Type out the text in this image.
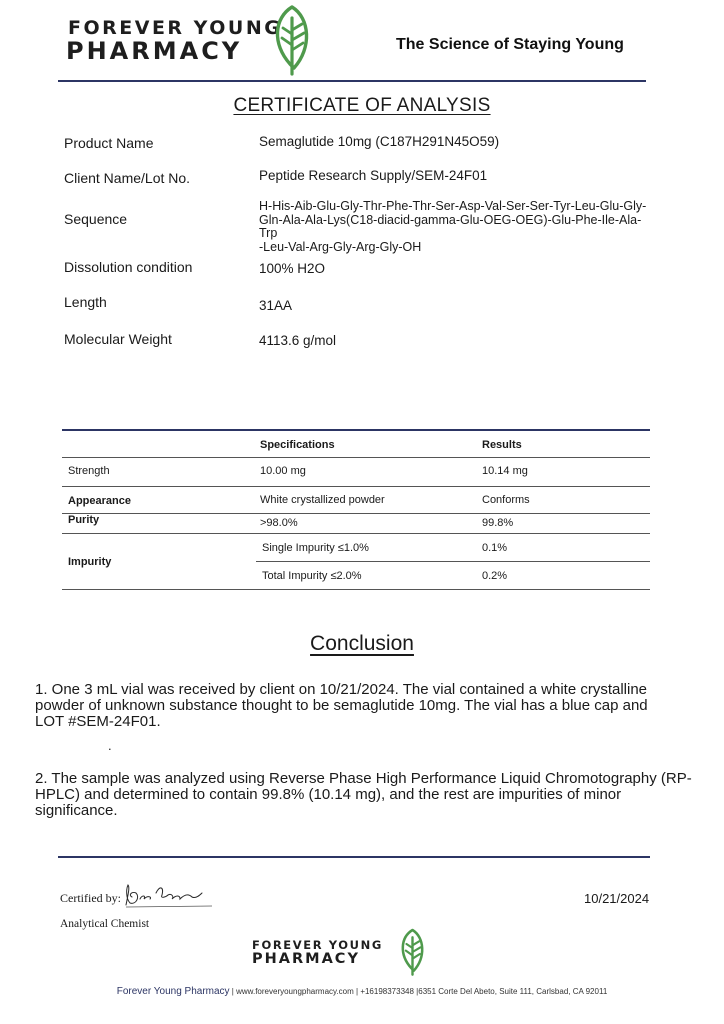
FOREVER YOUNG
PHARMACY	The Science of Staying Young
CERTIFICATE OF ANALYSIS
Product Name	Semaglutide 10mg (C187H291N45O59)
Client Name/Lot No.	Peptide Research Supply/SEM-24F01
Sequence
H-His-Aib-Glu-Gly-Thr-Phe-Thr-Ser-Asp-Val-Ser-Ser-Tyr-Leu-Glu-Gly-
Gln-Ala-Ala-Lys(C18-diacid-gamma-Glu-OEG-OEG)-Glu-Phe-Ile-Ala-Trp
-Leu-Val-Arg-Gly-Arg-Gly-OH
Dissolution condition	100% H2O
Length	31AA
Molecular Weight	4113.6 g/mol
Specifications	Results
Strength	10.00 mg	10.14 mg
Appearance	White crystallized powder	Conforms
Purity	>98.0%	99.8%
Impurity
Single Impurity ≤1.0%	0.1%
Total Impurity ≤2.0%	0.2%
Conclusion
1. One 3 mL vial was received by client on 10/21/2024. The vial contained a white crystalline
powder of unknown substance thought to be semaglutide 10mg. The vial has a blue cap and
LOT #SEM-24F01.
.
2. The sample was analyzed using Reverse Phase High Performance Liquid Chromotography (RP-
HPLC) and determined to contain 99.8% (10.14 mg), and the rest are impurities of minor
significance.
Certified by:
Analytical Chemist
10/21/2024
FOREVER YOUNG
PHARMACY
Forever Young Pharmacy | www.foreveryoungpharmacy.com | +16198373348 |6351 Corte Del Abeto, Suite 111, Carlsbad, CA 92011
